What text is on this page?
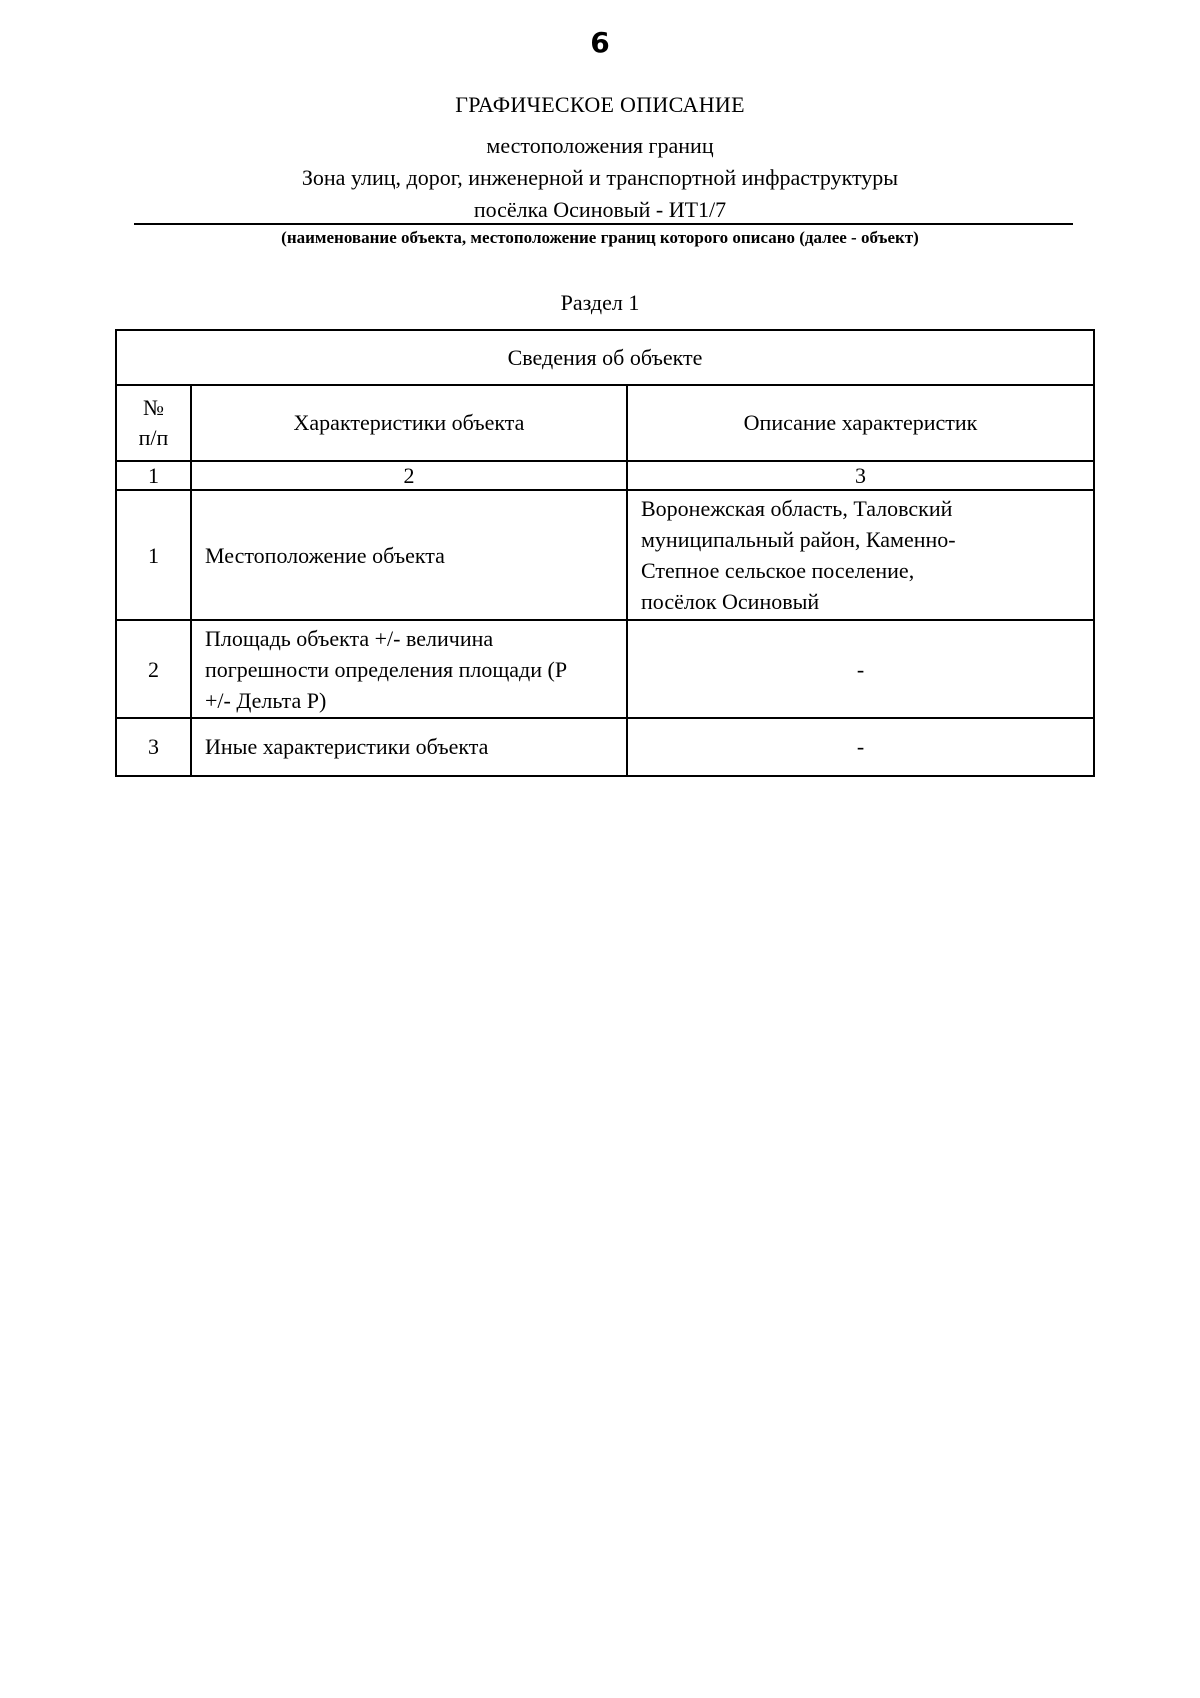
6
ГРАФИЧЕСКОЕ ОПИСАНИЕ
местоположения границ
Зона улиц, дорог, инженерной и транспортной инфраструктуры
посёлка Осиновый - ИТ1/7
(наименование объекта, местоположение границ которого описано (далее - объект)
Раздел 1
Сведения об объекте		
№
п/п	Характеристики объекта	Описание характеристик
1	2	3
1	Местоположение объекта	Воронежская область, Таловский
муниципальный район, Каменно-
Степное сельское поселение,
посёлок Осиновый
2	Площадь объекта +/- величина
погрешности определения площади (Р
+/- Дельта Р)	-
3	Иные характеристики объекта	-
